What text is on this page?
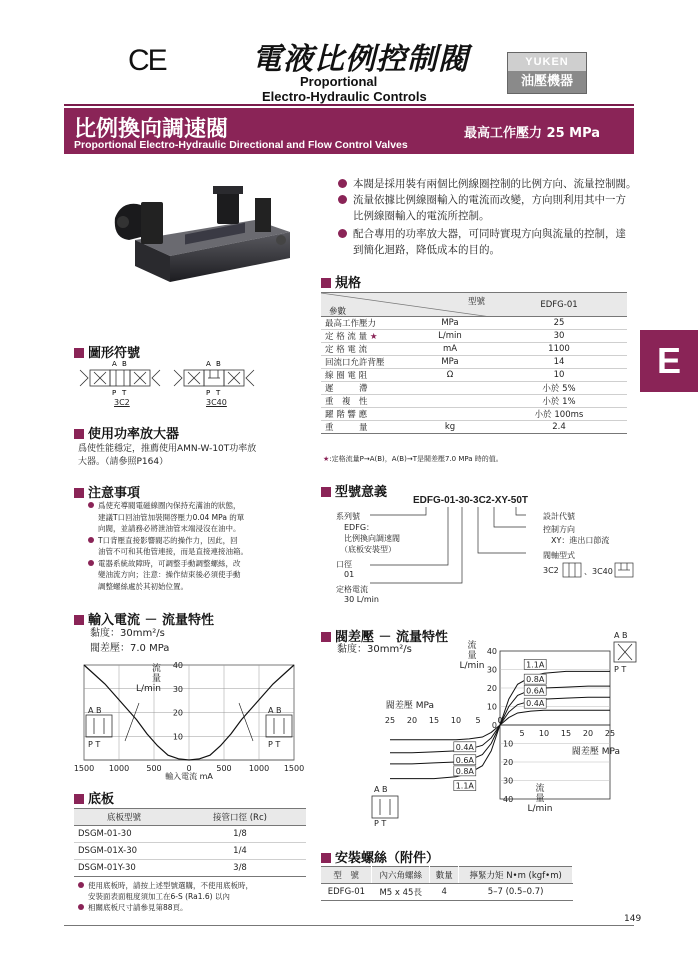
CE	電液比例控制閥
Proportional
Electro-Hydraulic Controls
YUKEN
油壓機器
比例換向調速閥
Proportional Electro-Hydraulic Directional and Flow Control Valves
最高工作壓力 25 MPa
E
本閥是採用裝有兩個比例線圈控制的比例方向、流量控制閥。
流量依據比例線圈輸入的電流而改變，方向則利用其中一方
比例線圈輸入的電流所控制。
配合專用的功率放大器，可同時實現方向與流量的控制，達
到簡化迴路，降低成本的目的。
規格
型號
參數		EDFG-01
最高工作壓力	MPa	25
定 格 流 量 ★	L/min	30
定 格 電 流	mA	1100
回流口允許背壓	MPa	14
線 圈 電 阻	Ω	10
遲　　　滯		小於 5%
重　複　性		小於 1%
躍 階 響 應		小於 100ms
重　　　量	kg	2.4
★:定格流量P→A(B)，A(B)→T是閥差壓7.0 MPa 時的值。
圖形符號
A B
P T
3C2
A B
P T
3C40
使用功率放大器
爲使性能穩定，推薦使用AMN-W-10T功率放
大器。（請參照P164）
注意事項
爲使充導閥電磁線圈內保持充滿油的狀態，
建議T口回油管加裝開啓壓力0.04 MPa 的單
向閥，並請務必將泄油管末端浸沒在油中。
T口背壓直接影響閥芯的操作力，因此，回
油管不可和其他管連接，而是直接連接油箱。
電器系統故障時，可調整手動調整螺絲，改
變油流方向；注意：操作結束後必須使手動
調整螺絲處於其初始位置。
型號意義
EDFG-01-30-3C2-XY-50T
系列號
EDFG：
比例換向調速閥
（底板安裝型）
口徑
01
定格電流
30 L/min
設計代號
控制方向
XY：進出口節流
閥軸型式
3C2	、3C40
輸入電流 － 流量特性
黏度：30mm²/s
閥差壓：7.0 MPa
1500 1000 500	0	500 1000 1500
10
20
30
40
流
量
L/min
輸入電流 mA
A B
P T
A B
P T
閥差壓 － 流量特性
黏度：30mm²/s
0
10
20
30
40
10
20
30
40
25 20 15 10 5 0
5 10 15 20 25
1.1A
1.1A
0.8A
0.8A
0.6A
0.6A
0.4A
0.4A
流
量
L/min
流
量
L/min
閥差壓 MPa
閥差壓 MPa
A B
P T
A B
P T
底板
底板型號	接管口徑 (Rc)
DSGM-01-30	1/8
DSGM-01X-30	1/4
DSGM-01Y-30	3/8
使用底板時，請按上述型號選購，不使用底板時，
安裝面表面粗度須加工在6-S (Ra1.6) 以內
相關底板尺寸請參見第88頁。
安裝螺絲（附件）
型　號	內六角螺絲	數量	擰緊力矩 N•m (kgf•m)
EDFG-01	M5 x 45長	4	5–7 (0.5–0.7)
149
